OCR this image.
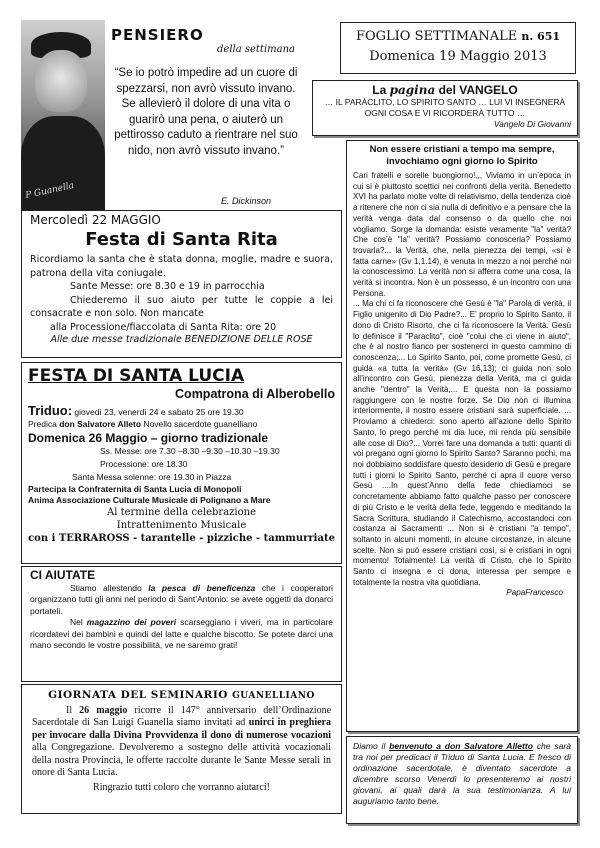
P Guanella
PENSIERO
della settimana
“Se io potrò impedire ad un cuore di spezzarsi, non avrò vissuto invano. Se allevierò il dolore di una vita o guarirò una pena, o aiuterò un pettirosso caduto a rientrare nel suo nido, non avrò vissuto invano.”
E. Dickinson
FOGLIO SETTIMANALE n. 651
Domenica 19 Maggio 2013
La pagina del VANGELO
… IL PARÀCLITO, LO SPIRITO SANTO … LUI VI INSEGNERÀ OGNI COSA E VI RICORDERÀ TUTTO …
Vangelo Di Giovanni
Mercoledì 22 MAGGIO
Festa di Santa Rita

Ricordiamo la santa che è stata donna, moglie, madre e suora, patrona della vita coniugale.

Sante Messe: ore 8.30 e 19 in parrocchia

Chiederemo il suo aiuto per tutte le coppie a lei consacrate e non solo. Non mancate

alla Processione/fiaccolata di Santa Rita: ore 20

Alle due messe tradizionale BENEDIZIONE DELLE ROSE

FESTA DI SANTA LUCIA
Compatrona di Alberobello
Triduo: giovedì 23, venerdì 24 e sabato 25 ore 19.30
Predica don Salvatore Alleto Novello sacerdote guanelliano
Domenica 26 Maggio – giorno tradizionale
Ss. Messe: ore 7.30 –8.30 –9.30 –10.30 –19.30
Processione: ore 18.30
Santa Messa solenne: ore 19.30 in Piazza
Partecipa la Confraternita di Santa Lucia di Monopoli
Anima Associazione Culturale Musicale di Polignano a Mare
Al termine della celebrazione
Intrattenimento Musicale
con i TERRAROSS - tarantelle - pizziche - tammurriate
CI AIUTATE

Stiamo allestendo la pesca di beneficenza che i cooperatori organizzano tutti gli anni nel periodo di Sant’Antonio: se avete oggetti da donarci portateli.

Nel magazzino dei poveri scarseggiano i viveri, ma in particolare ricordatevi dei bambini e quindi del latte e qualche biscotto. Se potete darci una mano secondo le vostre possibilità, ve ne saremo grati!

GIORNATA DEL SEMINARIO GUANELLIANO

Il 26 maggio ricorre il 147° anniversario dell’Ordinazione Sacerdotale di San Luigi Guanella siamo invitati ad unirci in preghiera per invocare dalla Divina Provvidenza il dono di numerose vocazioni alla Congregazione. Devolveremo a sostegno delle attività vocazionali della nostra Provincia, le offerte raccolte durante le Sante Messe serali in onore di Santa Lucia.

Ringrazio tutti coloro che vorranno aiutarci!
Non essere cristiani a tempo ma sempre, invochiamo ogni giorno lo Spirito

Cari fratelli e sorelle buongiorno!,,, Viviamo in un’epoca in cui si è piuttosto scettici nei confronti della verità. Benedetto XVI ha parlato molte volte di relativismo, della tendenza cioè a ritenere che non ci sia nulla di definitivo e a pensare che la verità venga data dal consenso o da quello che noi vogliamo. Sorge la domanda: esiste veramente "la" verità? Che cos’è "la" verità? Possiamo conoscerla? Possiamo trovarla?... la Verità, che, nella pienezza dei tempi, «si è fatta carne» (Gv 1,1.14), è venuta in mezzo a noi perché noi la conoscessimo. La verità non si afferra come una cosa, la verità si incontra. Non è un possesso, è un incontro con una Persona.

... Ma chi ci fa riconoscere che Gesù è "la" Parola di verità, il Figlio unigenito di Dio Padre?... E’ proprio lo Spirito Santo, il dono di Cristo Risorto, che ci fa riconoscere la Verità. Gesù lo definisce il "Paraclito", cioè "colui che ci viene in aiuto", che è al nostro fianco per sostenerci in questo cammino di conoscenza;... Lo Spirito Santo, poi, come promette Gesù, ci guida «a tutta la verità» (Gv 16,13); ci guida non solo all’incontro con Gesù, pienezza della Verità, ma ci guida anche "dentro" la Verità,... E questa non la possiamo raggiungere con le nostre forze. Se Dio non ci illumina interiormente, il nostro essere cristiani sarà superficiale. ... Proviamo a chiederci: sono aperto all’azione dello Spirito Santo, lo prego perché mi dia luce, mi renda più sensibile alle cose di Dio?... Vorrei fare una domanda a tutti: quanti di voi pregano ogni giorno lo Spirito Santo? Saranno pochi, ma noi dobbiamo soddisfare questo desiderio di Gesù e pregare tutti i giorni lo Spirito Santo, perché ci apra il cuore verso Gesù ....In quest’Anno della fede chiediamoci se concretamente abbiamo fatto qualche passo per conoscere di più Cristo e le verità della fede, leggendo e meditando la Sacra Scrittura, studiando il Catechismo, accostandoci con costanza ai Sacramenti ... Non si è cristiani "a tempo", soltanto in alcuni momenti, in alcune circostanze, in alcune scelte. Non si può essere cristiani così, si è cristiani in ogni momento! Totalmente! La verità di Cristo, che lo Spirito Santo ci insegna e ci dona, interessa per sempre e totalmente la nostra vita quotidiana.

PapaFrancesco

Diamo il benvenuto a don Salvatore Alletto che sarà tra noi per predicaci il Triduo di Santa Lucia. E fresco di ordinazione sacerdotale, è diventato sacerdote a dicembre scorso Venerdì lo presenteremo ai nostri giovani, ai quali darà la sua testimonianza. A lui auguriamo tanto bene.
